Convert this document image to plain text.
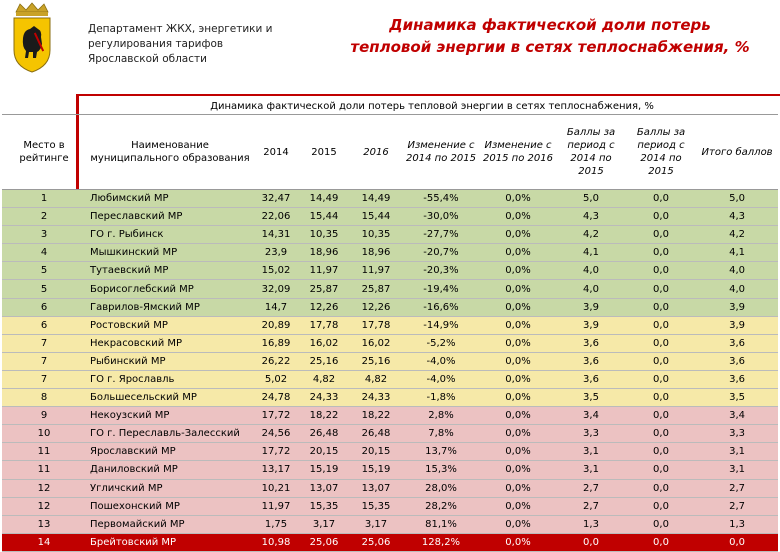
Департамент ЖКХ, энергетики и регулирования тарифов Ярославской области
Динамика фактической доли потерь
тепловой энергии в сетях теплоснабжения, %
	Динамика фактической доли потерь тепловой энергии в сетях теплоснабжения, %								
Место в рейтинге	Наименование муниципального образования	2014	2015	2016	Изменение с 2014 по 2015	Изменение с 2015 по 2016	Баллы за период с 2014 по 2015	Баллы за период с 2014 по 2015	Итого баллов
1	Любимский МР	32,47	14,49	14,49	-55,4%	0,0%	5,0	0,0	5,0
2	Переславский МР	22,06	15,44	15,44	-30,0%	0,0%	4,3	0,0	4,3
3	ГО г. Рыбинск	14,31	10,35	10,35	-27,7%	0,0%	4,2	0,0	4,2
4	Мышкинский МР	23,9	18,96	18,96	-20,7%	0,0%	4,1	0,0	4,1
5	Тутаевский МР	15,02	11,97	11,97	-20,3%	0,0%	4,0	0,0	4,0
5	Борисоглебский МР	32,09	25,87	25,87	-19,4%	0,0%	4,0	0,0	4,0
6	Гаврилов-Ямский МР	14,7	12,26	12,26	-16,6%	0,0%	3,9	0,0	3,9
6	Ростовский МР	20,89	17,78	17,78	-14,9%	0,0%	3,9	0,0	3,9
7	Некрасовский МР	16,89	16,02	16,02	-5,2%	0,0%	3,6	0,0	3,6
7	Рыбинский МР	26,22	25,16	25,16	-4,0%	0,0%	3,6	0,0	3,6
7	ГО г. Ярославль	5,02	4,82	4,82	-4,0%	0,0%	3,6	0,0	3,6
8	Большесельский МР	24,78	24,33	24,33	-1,8%	0,0%	3,5	0,0	3,5
9	Некоузский МР	17,72	18,22	18,22	2,8%	0,0%	3,4	0,0	3,4
10	ГО г. Переславль-Залесский	24,56	26,48	26,48	7,8%	0,0%	3,3	0,0	3,3
11	Ярославский МР	17,72	20,15	20,15	13,7%	0,0%	3,1	0,0	3,1
11	Даниловский МР	13,17	15,19	15,19	15,3%	0,0%	3,1	0,0	3,1
12	Угличский МР	10,21	13,07	13,07	28,0%	0,0%	2,7	0,0	2,7
12	Пошехонский МР	11,97	15,35	15,35	28,2%	0,0%	2,7	0,0	2,7
13	Первомайский МР	1,75	3,17	3,17	81,1%	0,0%	1,3	0,0	1,3
14	Брейтовский МР	10,98	25,06	25,06	128,2%	0,0%	0,0	0,0	0,0
